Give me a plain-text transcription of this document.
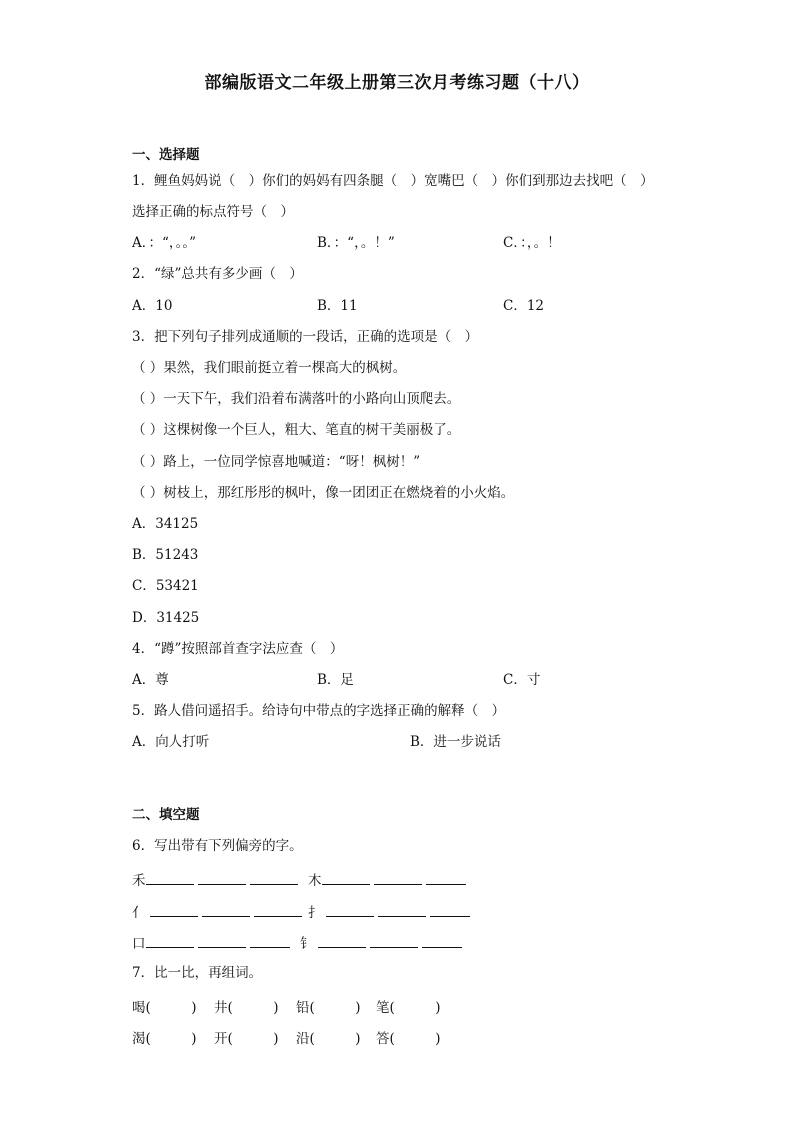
部编版语文二年级上册第三次月考练习题（十八）
一、选择题
1．鲤鱼妈妈说（　）你们的妈妈有四条腿（　）宽嘴巴（　）你们到那边去找吧（　）
选择正确的标点符号（　）
A．：“，。。”	B．：“，。！”	C．：，。！
2．“绿”总共有多少画（　）
A．10	B．11	C．12
3．把下列句子排列成通顺的一段话，正确的选项是（　）
（ ）果然，我们眼前挺立着一棵高大的枫树。
（ ）一天下午，我们沿着布满落叶的小路向山顶爬去。
（ ）这棵树像一个巨人，粗大、笔直的树干美丽极了。
（ ）路上，一位同学惊喜地喊道：“呀！枫树！”
（ ）树枝上，那红彤彤的枫叶，像一团团正在燃烧着的小火焰。
A．34125
B．51243
C．53421
D．31425
4．“蹲”按照部首查字法应查（　）
A．尊	B．足	C．寸
5．路人借问遥招手。给诗句中带点的字选择正确的解释（　）
A．向人打听	B．进一步说话
二、填空题
6．写出带有下列偏旁的字。
禾	木
亻	扌
口	钅
7．比一比，再组词。
喝(　　　) 井(　　　) 铅(　　　) 笔(　　　)
渴(　　　) 开(　　　) 沿(　　　) 答(　　　)
